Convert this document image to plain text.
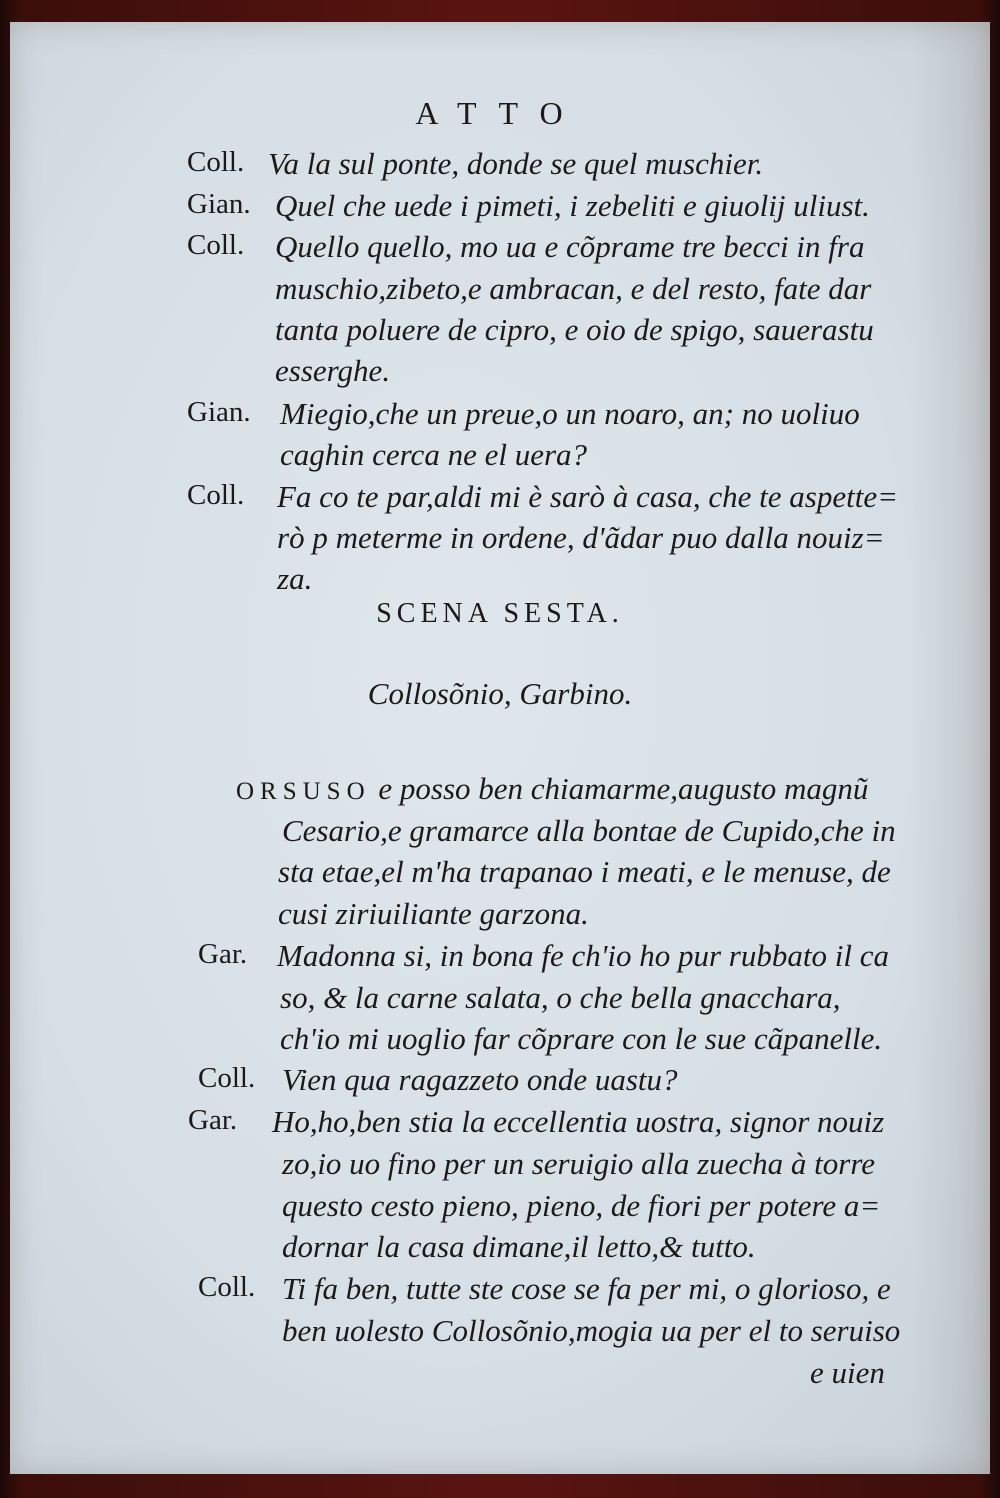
ATTO
Coll.
Gian.
Coll.
Gian.
Coll.
Va la sul ponte, donde se quel muschier.
Quel che uede i pimeti, i zebeliti e giuolij uliust.
Quello quello, mo ua e cõprame tre becci in fra
muschio,zibeto,e ambracan, e del resto, fate dar
tanta poluere de cipro, e oio de spigo, sauerastu
esserghe.
Miegio,che un preue,o un noaro, an; no uoliuo
caghin cerca ne el uera?
Fa co te par,aldi mi è sarò à casa, che te aspette=
rò p meterme in ordene, d'ãdar puo dalla nouiz=
za.
SCENA SESTA.
Collosõnio, Garbino.
ORSUSO e posso ben chiamarme,augusto magnũ
Cesario,e gramarce alla bontae de Cupido,che in
sta etae,el m'ha trapanao i meati, e le menuse, de
cusi ziriuiliante garzona.
Gar.
Coll.
Gar.
Coll.
Madonna si, in bona fe ch'io ho pur rubbato il ca
so, & la carne salata, o che bella gnacchara,
ch'io mi uoglio far cõprare con le sue cãpanelle.
Vien qua ragazzeto onde uastu?
Ho,ho,ben stia la eccellentia uostra, signor nouiz
zo,io uo fino per un seruigio alla zuecha à torre
questo cesto pieno, pieno, de fiori per potere a=
dornar la casa dimane,il letto,& tutto.
Ti fa ben, tutte ste cose se fa per mi, o glorioso, e
ben uolesto Collosõnio,mogia ua per el to seruiso
e uien
